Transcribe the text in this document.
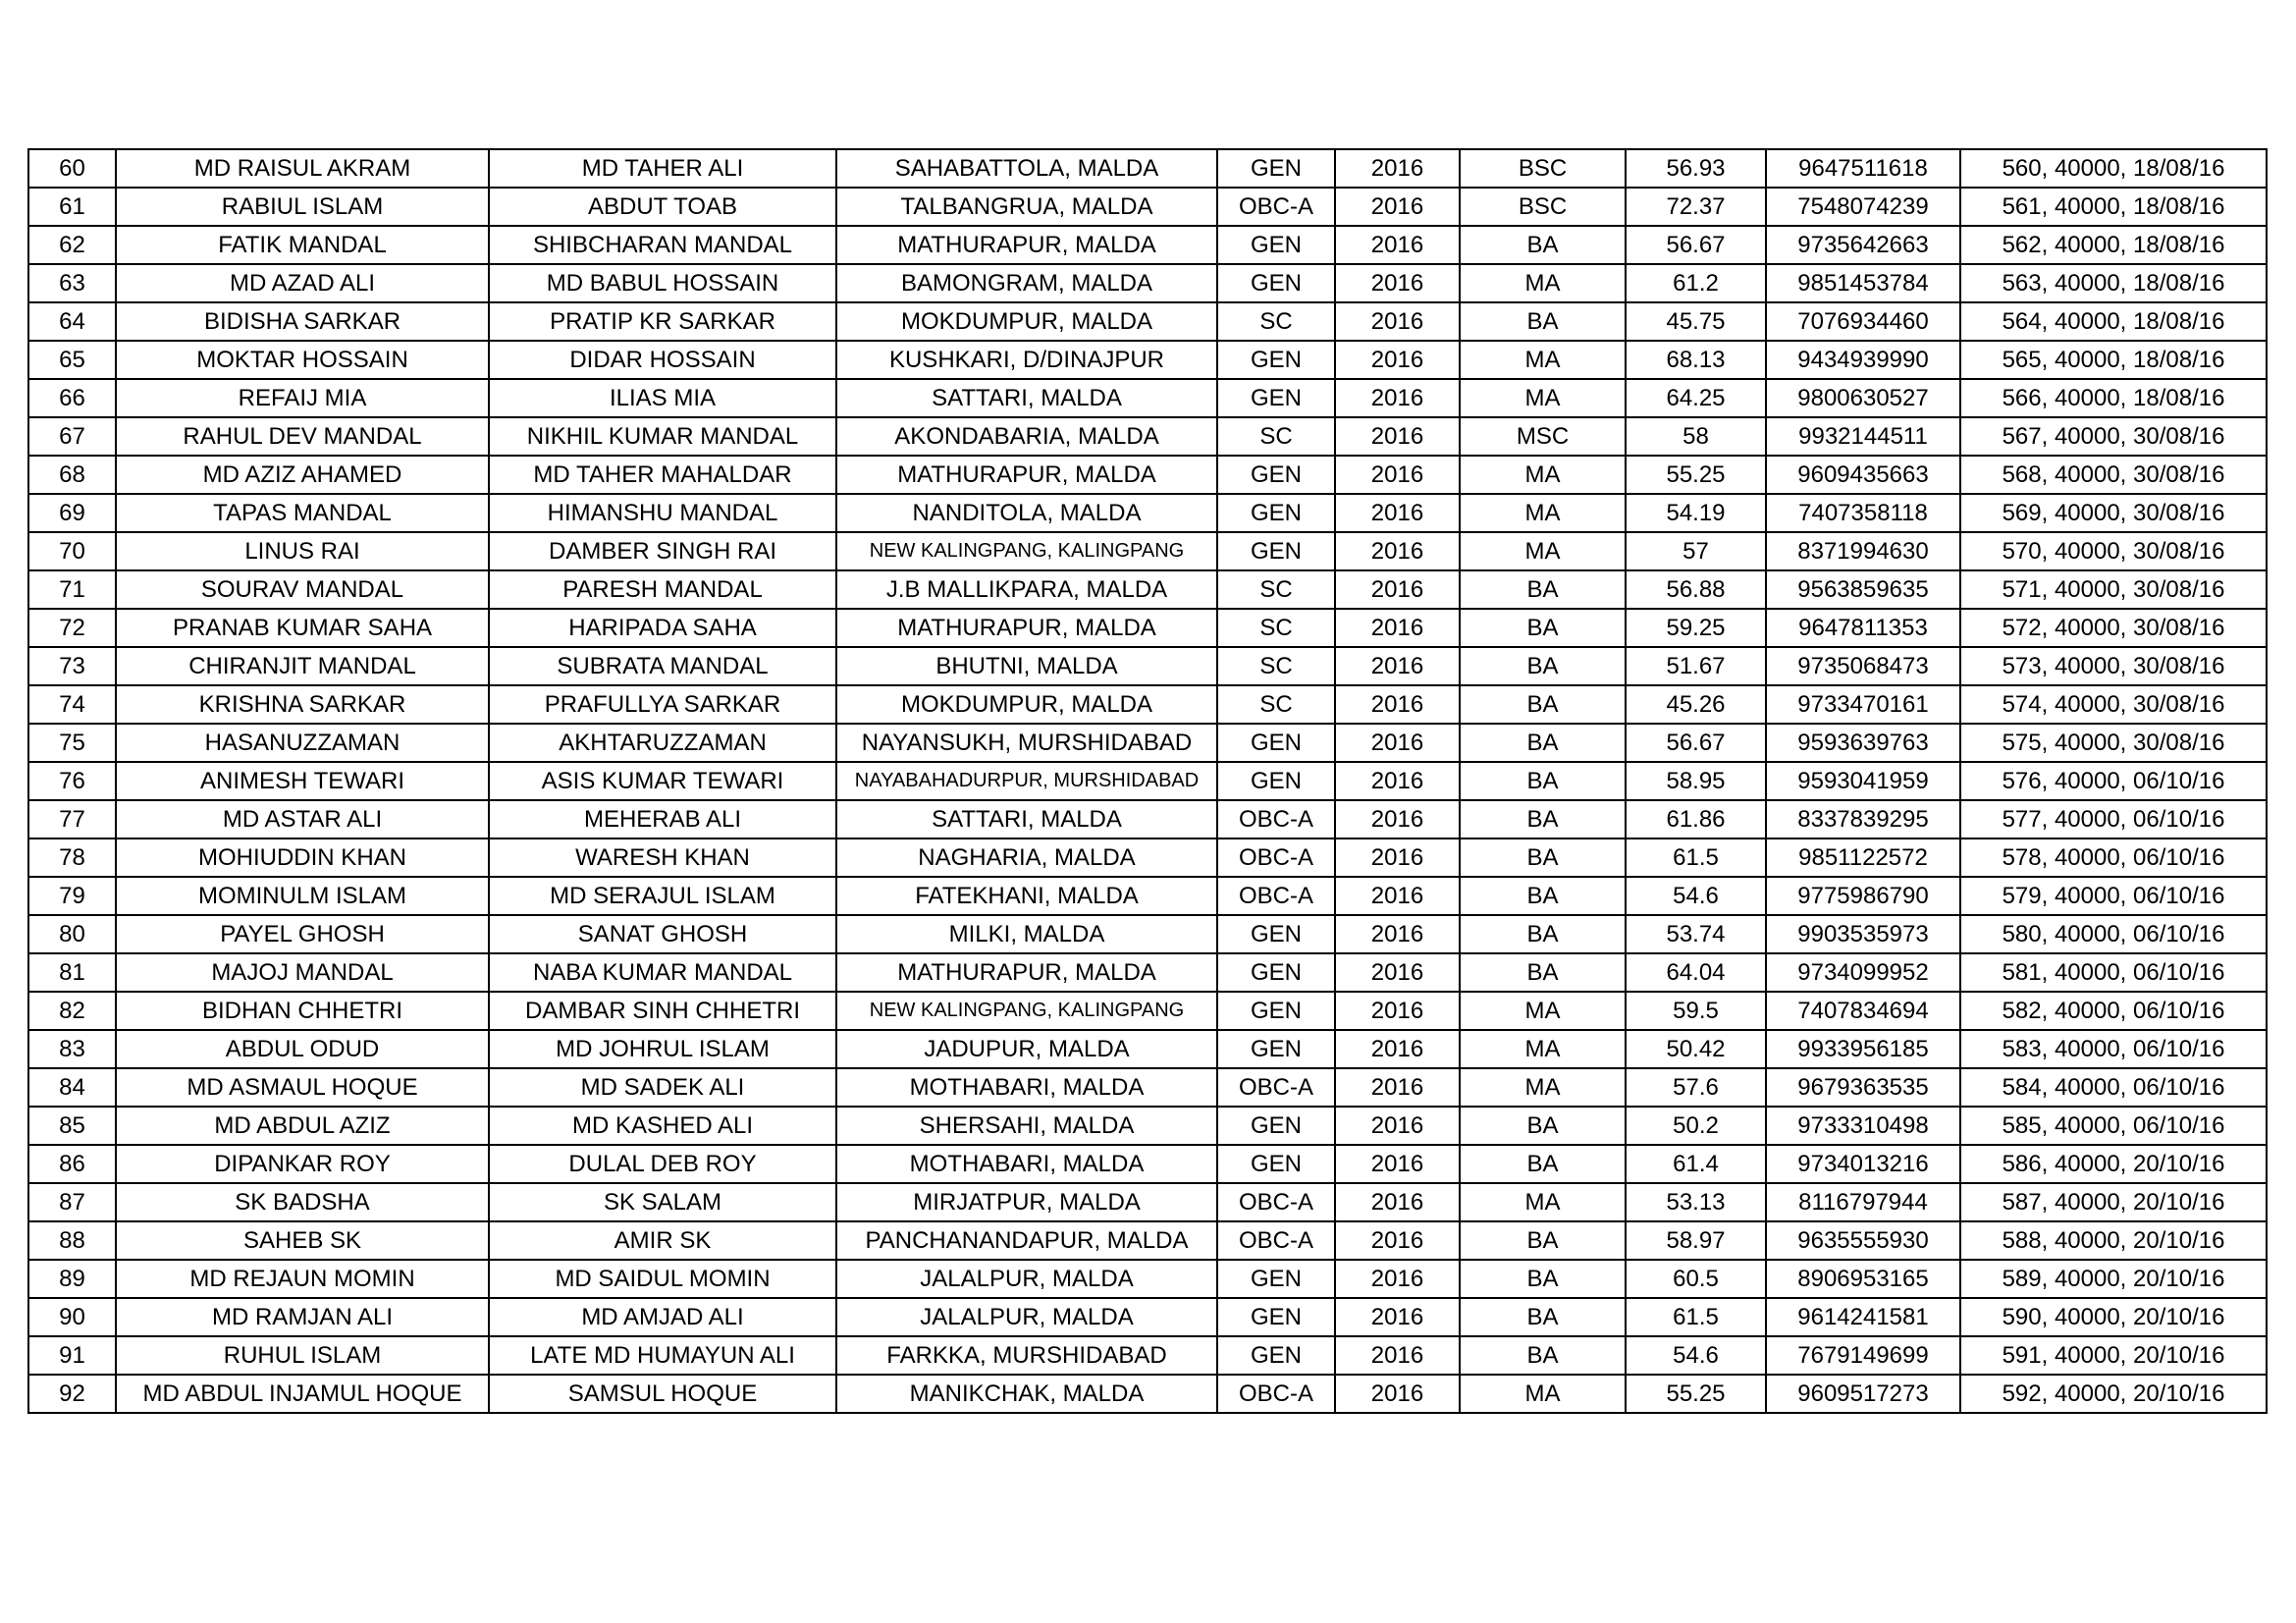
60	MD RAISUL AKRAM	MD TAHER ALI	SAHABATTOLA, MALDA	GEN	2016	BSC	56.93	9647511618	560, 40000, 18/08/16
61	RABIUL ISLAM	ABDUT TOAB	TALBANGRUA, MALDA	OBC-A	2016	BSC	72.37	7548074239	561, 40000, 18/08/16
62	FATIK MANDAL	SHIBCHARAN MANDAL	MATHURAPUR, MALDA	GEN	2016	BA	56.67	9735642663	562, 40000, 18/08/16
63	MD AZAD ALI	MD BABUL HOSSAIN	BAMONGRAM, MALDA	GEN	2016	MA	61.2	9851453784	563, 40000, 18/08/16
64	BIDISHA SARKAR	PRATIP KR SARKAR	MOKDUMPUR, MALDA	SC	2016	BA	45.75	7076934460	564, 40000, 18/08/16
65	MOKTAR HOSSAIN	DIDAR HOSSAIN	KUSHKARI, D/DINAJPUR	GEN	2016	MA	68.13	9434939990	565, 40000, 18/08/16
66	REFAIJ MIA	ILIAS MIA	SATTARI, MALDA	GEN	2016	MA	64.25	9800630527	566, 40000, 18/08/16
67	RAHUL DEV MANDAL	NIKHIL KUMAR MANDAL	AKONDABARIA, MALDA	SC	2016	MSC	58	9932144511	567, 40000, 30/08/16
68	MD AZIZ AHAMED	MD TAHER MAHALDAR	MATHURAPUR, MALDA	GEN	2016	MA	55.25	9609435663	568, 40000, 30/08/16
69	TAPAS MANDAL	HIMANSHU MANDAL	NANDITOLA, MALDA	GEN	2016	MA	54.19	7407358118	569, 40000, 30/08/16
70	LINUS RAI	DAMBER SINGH RAI	NEW KALINGPANG, KALINGPANG	GEN	2016	MA	57	8371994630	570, 40000, 30/08/16
71	SOURAV MANDAL	PARESH MANDAL	J.B MALLIKPARA, MALDA	SC	2016	BA	56.88	9563859635	571, 40000, 30/08/16
72	PRANAB KUMAR SAHA	HARIPADA SAHA	MATHURAPUR, MALDA	SC	2016	BA	59.25	9647811353	572, 40000, 30/08/16
73	CHIRANJIT MANDAL	SUBRATA MANDAL	BHUTNI, MALDA	SC	2016	BA	51.67	9735068473	573, 40000, 30/08/16
74	KRISHNA SARKAR	PRAFULLYA SARKAR	MOKDUMPUR, MALDA	SC	2016	BA	45.26	9733470161	574, 40000, 30/08/16
75	HASANUZZAMAN	AKHTARUZZAMAN	NAYANSUKH, MURSHIDABAD	GEN	2016	BA	56.67	9593639763	575, 40000, 30/08/16
76	ANIMESH TEWARI	ASIS KUMAR TEWARI	NAYABAHADURPUR, MURSHIDABAD	GEN	2016	BA	58.95	9593041959	576, 40000, 06/10/16
77	MD ASTAR ALI	MEHERAB ALI	SATTARI, MALDA	OBC-A	2016	BA	61.86	8337839295	577, 40000, 06/10/16
78	MOHIUDDIN KHAN	WARESH KHAN	NAGHARIA, MALDA	OBC-A	2016	BA	61.5	9851122572	578, 40000, 06/10/16
79	MOMINULM ISLAM	MD SERAJUL ISLAM	FATEKHANI, MALDA	OBC-A	2016	BA	54.6	9775986790	579, 40000, 06/10/16
80	PAYEL GHOSH	SANAT GHOSH	MILKI, MALDA	GEN	2016	BA	53.74	9903535973	580, 40000, 06/10/16
81	MAJOJ MANDAL	NABA KUMAR MANDAL	MATHURAPUR, MALDA	GEN	2016	BA	64.04	9734099952	581, 40000, 06/10/16
82	BIDHAN CHHETRI	DAMBAR SINH CHHETRI	NEW KALINGPANG, KALINGPANG	GEN	2016	MA	59.5	7407834694	582, 40000, 06/10/16
83	ABDUL ODUD	MD JOHRUL ISLAM	JADUPUR, MALDA	GEN	2016	MA	50.42	9933956185	583, 40000, 06/10/16
84	MD ASMAUL HOQUE	MD SADEK ALI	MOTHABARI, MALDA	OBC-A	2016	MA	57.6	9679363535	584, 40000, 06/10/16
85	MD ABDUL AZIZ	MD KASHED ALI	SHERSAHI, MALDA	GEN	2016	BA	50.2	9733310498	585, 40000, 06/10/16
86	DIPANKAR ROY	DULAL DEB ROY	MOTHABARI, MALDA	GEN	2016	BA	61.4	9734013216	586, 40000, 20/10/16
87	SK BADSHA	SK SALAM	MIRJATPUR, MALDA	OBC-A	2016	MA	53.13	8116797944	587, 40000, 20/10/16
88	SAHEB SK	AMIR SK	PANCHANANDAPUR, MALDA	OBC-A	2016	BA	58.97	9635555930	588, 40000, 20/10/16
89	MD REJAUN MOMIN	MD SAIDUL MOMIN	JALALPUR, MALDA	GEN	2016	BA	60.5	8906953165	589, 40000, 20/10/16
90	MD RAMJAN ALI	MD AMJAD ALI	JALALPUR, MALDA	GEN	2016	BA	61.5	9614241581	590, 40000, 20/10/16
91	RUHUL ISLAM	LATE MD HUMAYUN ALI	FARKKA, MURSHIDABAD	GEN	2016	BA	54.6	7679149699	591, 40000, 20/10/16
92	MD ABDUL INJAMUL HOQUE	SAMSUL HOQUE	MANIKCHAK, MALDA	OBC-A	2016	MA	55.25	9609517273	592, 40000, 20/10/16
